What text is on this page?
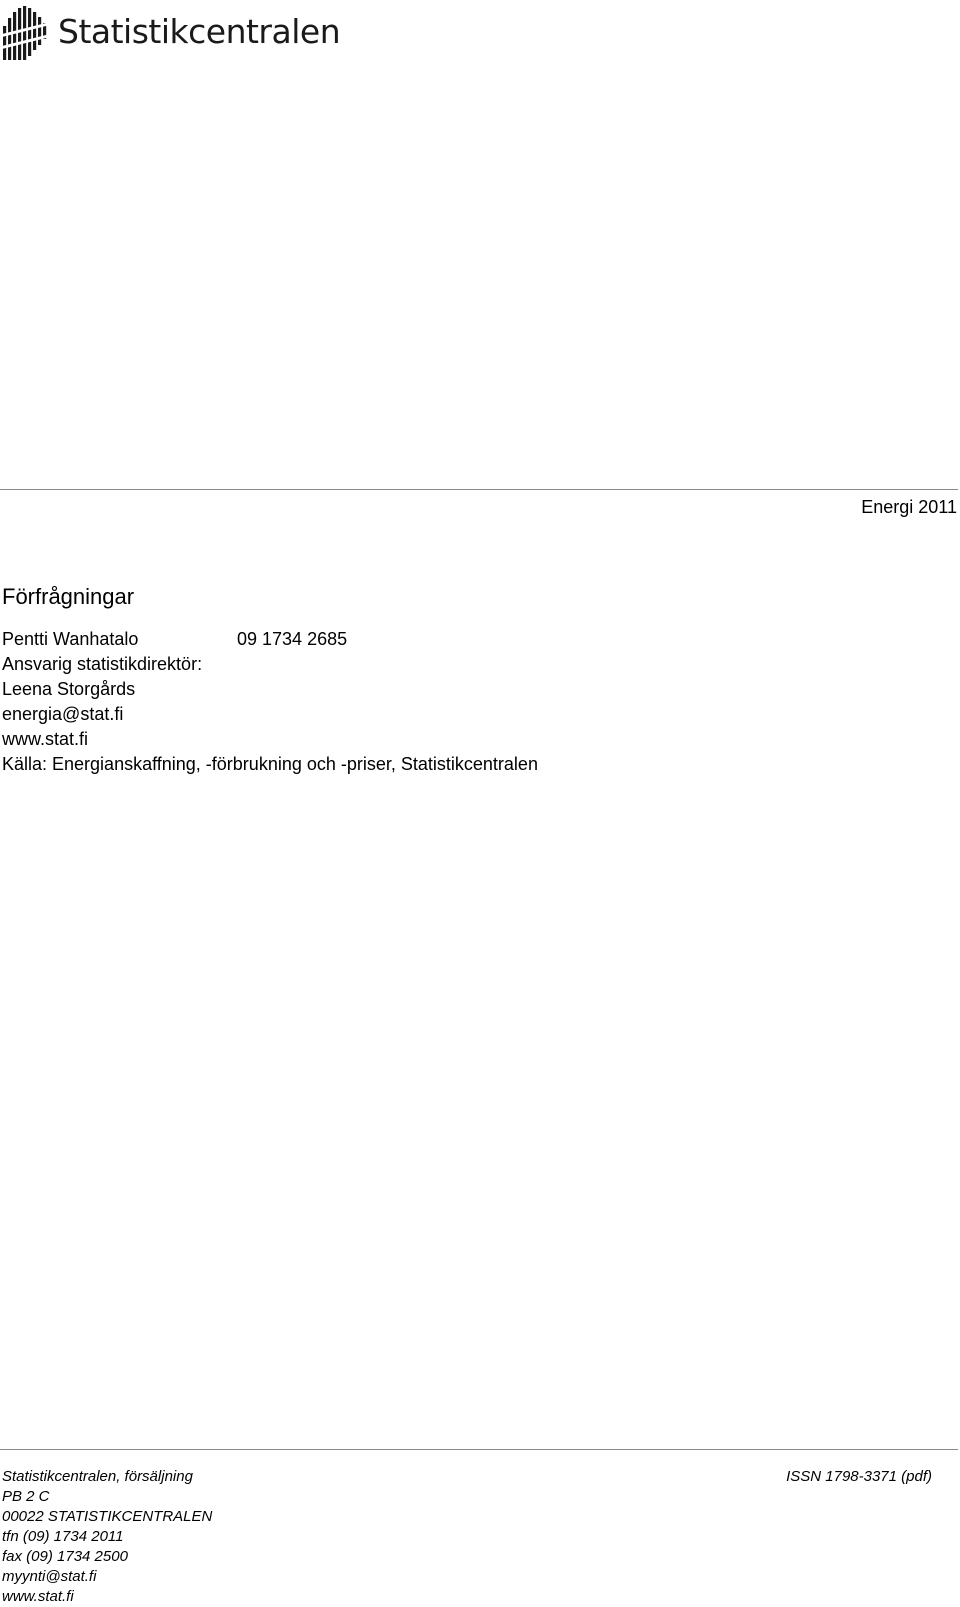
Statistikcentralen
Energi 2011
Förfrågningar
Pentti Wanhatalo	09 1734 2685
Ansvarig statistikdirektör:
Leena Storgårds
energia@stat.fi
www.stat.fi
Källa: Energianskaffning, -förbrukning och -priser, Statistikcentralen
Statistikcentralen, försäljning
PB 2 C
00022 STATISTIKCENTRALEN
tfn (09) 1734 2011
fax (09) 1734 2500
myynti@stat.fi
www.stat.fi
ISSN 1798-3371 (pdf)
